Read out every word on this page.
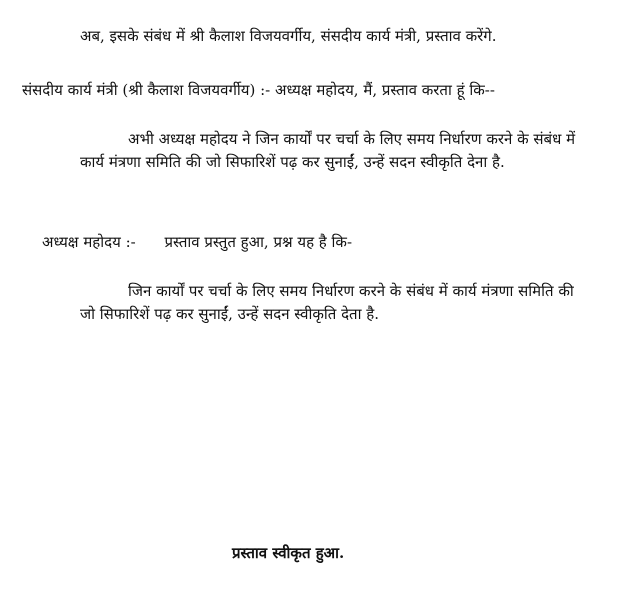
अब, इसके संबंध में श्री कैलाश विजयवर्गीय, संसदीय कार्य मंत्री, प्रस्ताव करेंगे.
संसदीय कार्य मंत्री (श्री कैलाश विजयवर्गीय) :- अध्यक्ष महोदय, मैं, प्रस्ताव करता हूं कि--
अभी अध्यक्ष महोदय ने जिन कार्यों पर चर्चा के लिए समय निर्धारण करने के संबंध में कार्य मंत्रणा समिति की जो सिफारिशें पढ़ कर सुनाईं, उन्हें सदन स्वीकृति देना है.
अध्यक्ष महोदय :- प्रस्ताव प्रस्तुत हुआ, प्रश्न यह है कि-
जिन कार्यों पर चर्चा के लिए समय निर्धारण करने के संबंध में कार्य मंत्रणा समिति की जो सिफारिशें पढ़ कर सुनाईं, उन्हें सदन स्वीकृति देता है.
प्रस्ताव स्वीकृत हुआ.
